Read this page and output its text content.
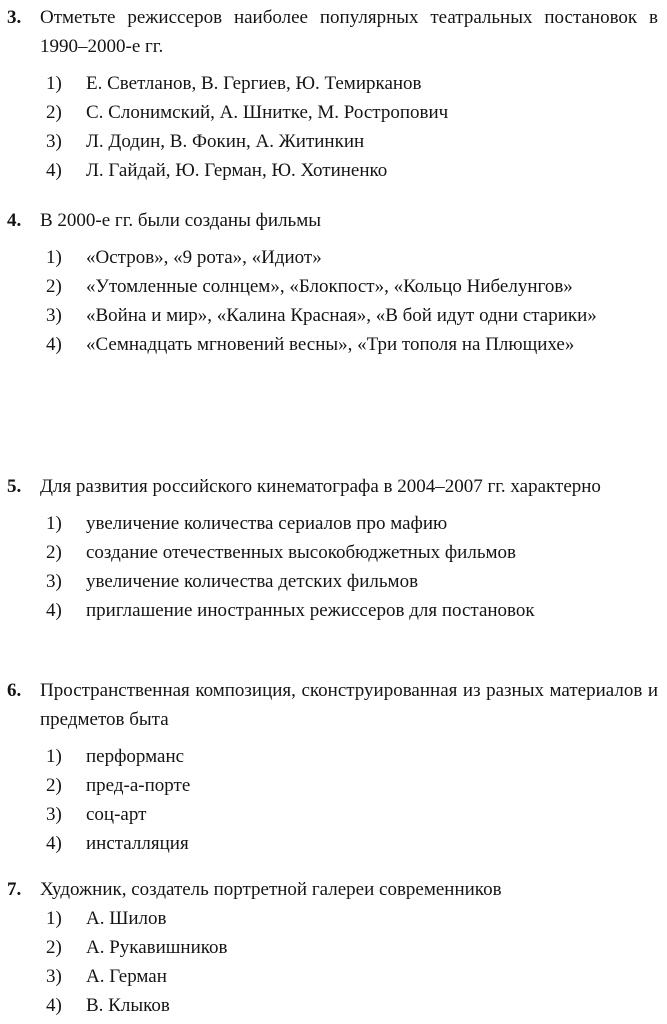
3. Отметьте режиссеров наиболее популярных театральных постановок в 1990–2000-е гг.
1) Е. Светланов, В. Гергиев, Ю. Темирканов
2) С. Слонимский, А. Шнитке, М. Ростропович
3) Л. Додин, В. Фокин, А. Житинкин
4) Л. Гайдай, Ю. Герман, Ю. Хотиненко
4. В 2000-е гг. были созданы фильмы
1) «Остров», «9 рота», «Идиот»
2) «Утомленные солнцем», «Блокпост», «Кольцо Нибелунгов»
3) «Война и мир», «Калина Красная», «В бой идут одни старики»
4) «Семнадцать мгновений весны», «Три тополя на Плющихе»
5. Для развития российского кинематографа в 2004–2007 гг. характерно
1) увеличение количества сериалов про мафию
2) создание отечественных высокобюджетных фильмов
3) увеличение количества детских фильмов
4) приглашение иностранных режиссеров для постановок
6. Пространственная композиция, сконструированная из разных материалов и предметов быта
1) перформанс
2) пред-а-порте
3) соц-арт
4) инсталляция
7. Художник, создатель портретной галереи современников
1) А. Шилов
2) А. Рукавишников
3) А. Герман
4) В. Клыков
